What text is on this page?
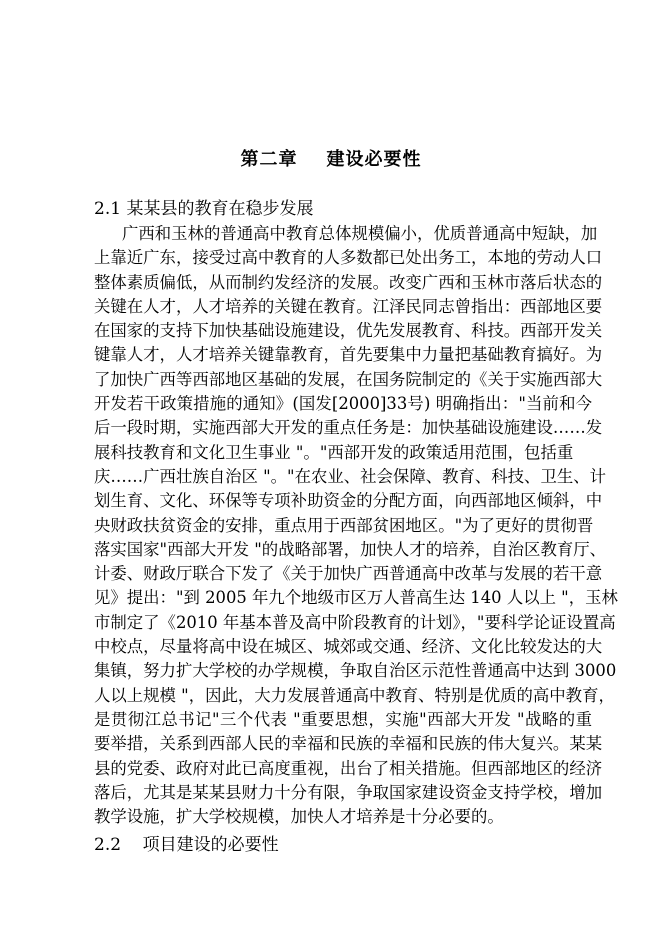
第二章    建设必要性
2.1 某某县的教育在稳步发展
广西和玉林的普通高中教育总体规模偏小，优质普通高中短缺，加
上靠近广东，接受过高中教育的人多数都已处出务工，本地的劳动人口
整体素质偏低，从而制约发经济的发展。改变广西和玉林市落后状态的
关键在人才，人才培养的关键在教育。江泽民同志曾指出：西部地区要
在国家的支持下加快基础设施建设，优先发展教育、科技。西部开发关
键靠人才，人才培养关键靠教育，首先要集中力量把基础教育搞好。为
了加快广西等西部地区基础的发展，在国务院制定的《关于实施西部大
开发若干政策措施的通知》(国发[2000]33号) 明确指出："当前和今
后一段时期，实施西部大开发的重点任务是：加快基础设施建设……发
展科技教育和文化卫生事业 "。"西部开发的政策适用范围，包括重
庆……广西壮族自治区 "。"在农业、社会保障、教育、科技、卫生、计
划生育、文化、环保等专项补助资金的分配方面，向西部地区倾斜，中
央财政扶贫资金的安排，重点用于西部贫困地区。"为了更好的贯彻晋
落实国家"西部大开发 "的战略部署，加快人才的培养，自治区教育厅、
计委、财政厅联合下发了《关于加快广西普通高中改革与发展的若干意
见》提出："到 2005 年九个地级市区万人普高生达 140 人以上 "，玉林
市制定了《2010 年基本普及高中阶段教育的计划》，"要科学论证设置高
中校点，尽量将高中设在城区、城郊或交通、经济、文化比较发达的大
集镇，努力扩大学校的办学规模，争取自治区示范性普通高中达到 3000
人以上规模 "，因此，大力发展普通高中教育、特别是优质的高中教育，
是贯彻江总书记"三个代表 "重要思想，实施"西部大开发 "战略的重
要举措，关系到西部人民的幸福和民族的幸福和民族的伟大复兴。某某
县的党委、政府对此已高度重视，出台了相关措施。但西部地区的经济
落后，尤其是某某县财力十分有限，争取国家建设资金支持学校，增加
教学设施，扩大学校规模，加快人才培养是十分必要的。
2.2    项目建设的必要性
